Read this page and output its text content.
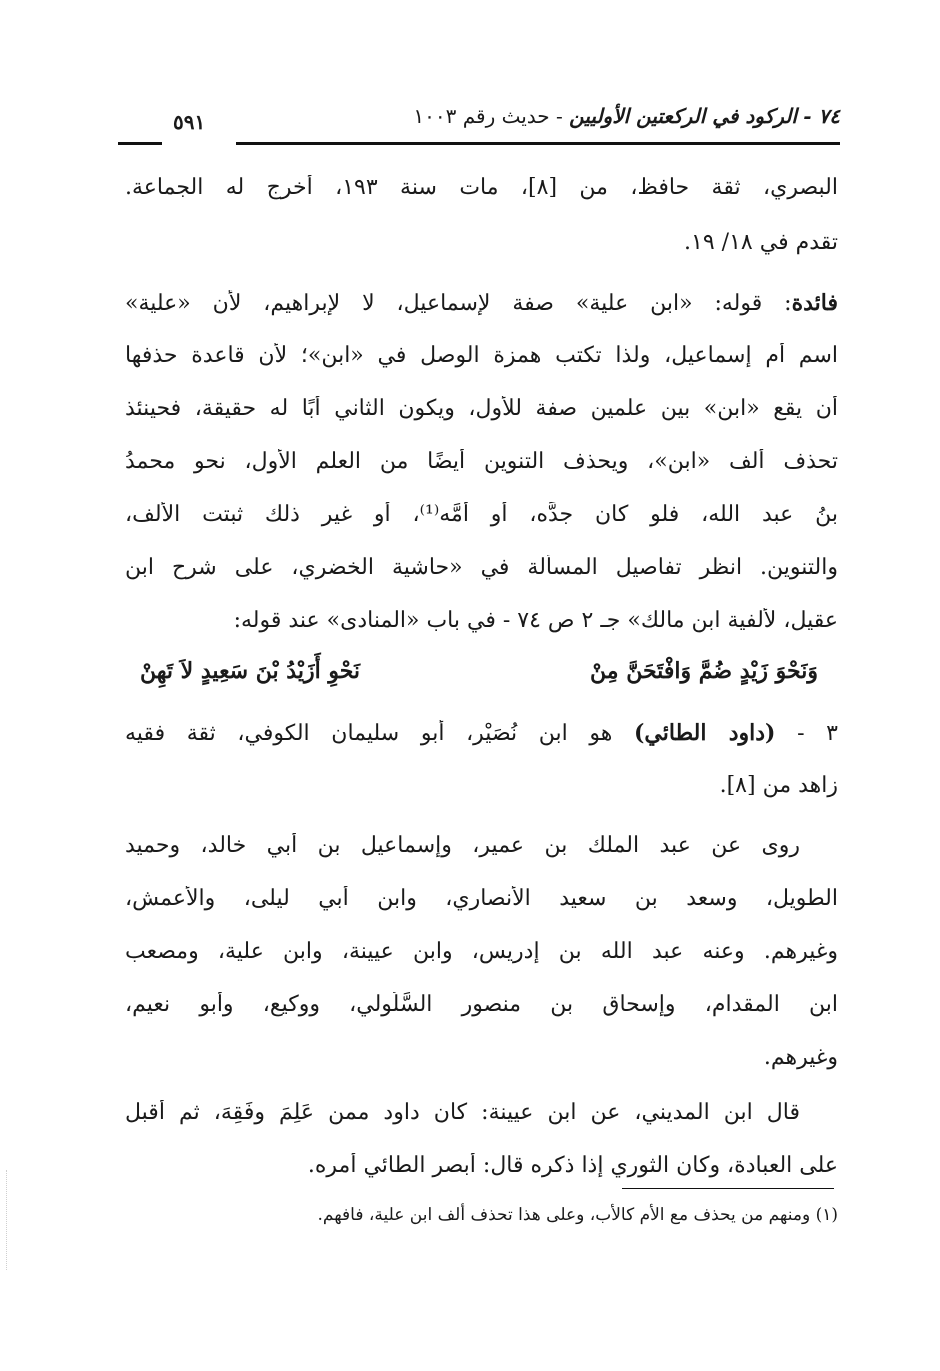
٧٤ - الركود في الركعتين الأوليين - حديث رقم ١٠٠٣
٥٩١
البصري، ثقة حافظ، من [٨]، مات سنة ١٩٣، أخرج له الجماعة.
تقدم في ١٨/ ١٩.
فائدة: قوله: «ابن علية» صفة لإسماعيل، لا لإبراهيم، لأن «علية»
اسم أم إسماعيل، ولذا تكتب همزة الوصل في «ابن»؛ لأن قاعدة حذفها
أن يقع «ابن» بين علمين صفة للأول، ويكون الثاني أبًا له حقيقة، فحينئذ
تحذف ألف «ابن»، ويحذف التنوين أيضًا من العلم الأول، نحو محمدُ
بنُ عبد الله، فلو كان جدَّه، أو أمَّه⁽¹⁾، أو غير ذلك ثبتت الألف،
والتنوين. انظر تفاصيل المسألة في «حاشية الخضري، على شرح ابن
عقيل، لألفية ابن مالك» جـ ٢ ص ٧٤ - في باب «المنادى» عند قوله:
وَنَحْوَ زَيْدٍ ضُمَّ وَافْتَحَنَّ مِنْ
نَحْوِ أَزَيْدُ بْنَ سَعِيدٍ لاَ تَهِنْ
٣ - (داود الطائي) هو ابن نُصَيْر، أبو سليمان الكوفي، ثقة فقيه
زاهد من [٨].
روى عن عبد الملك بن عمير، وإسماعيل بن أبي خالد، وحميد
الطويل، وسعد بن سعيد الأنصاري، وابن أبي ليلى، والأعمش،
وغيرهم. وعنه عبد الله بن إدريس، وابن عيينة، وابن علية، ومصعب
ابن المقدام، وإسحاق بن منصور السَّلُولي، ووكيع، وأبو نعيم،
وغيرهم.
قال ابن المديني، عن ابن عيينة: كان داود ممن عَلِمَ وفَقِهَ، ثم أقبل
على العبادة، وكان الثوري إذا ذكره قال: أبصر الطائي أمره.
(١) ومنهم من يحذف مع الأم كالأب، وعلى هذا تحذف ألف ابن علية، فافهم.
